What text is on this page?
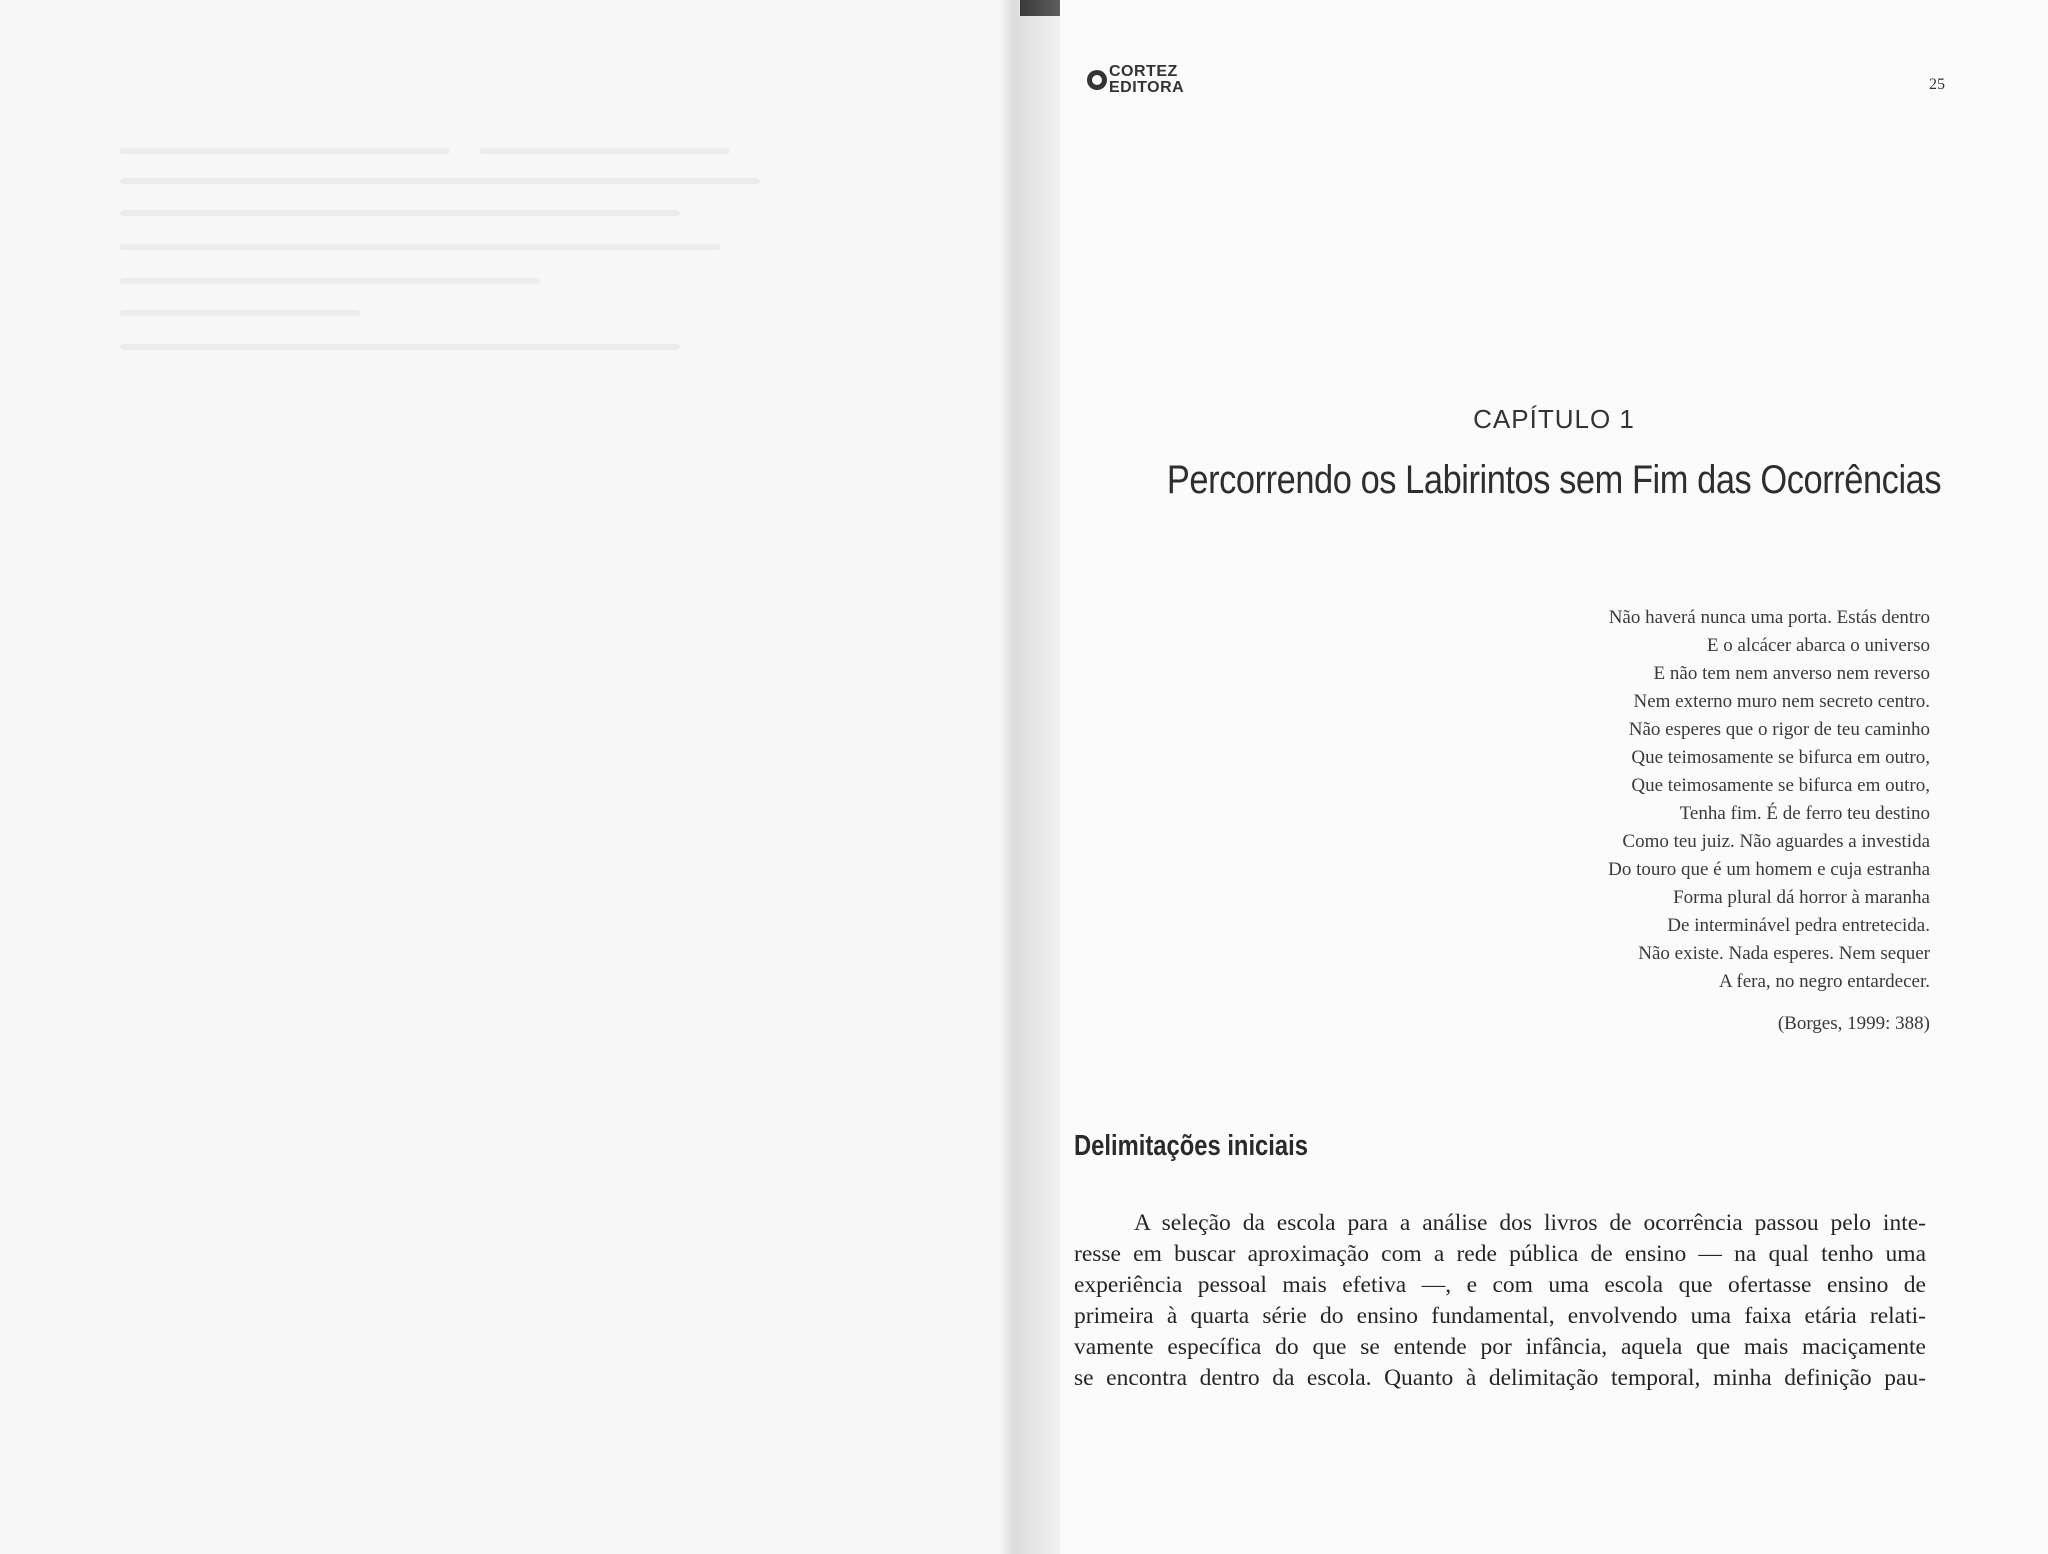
CORTEZ
EDITORA	25
CAPÍTULO 1
Percorrendo os Labirintos sem Fim das Ocorrências
Não haverá nunca uma porta. Estás dentro
E o alcácer abarca o universo
E não tem nem anverso nem reverso
Nem externo muro nem secreto centro.
Não esperes que o rigor de teu caminho
Que teimosamente se bifurca em outro,
Que teimosamente se bifurca em outro,
Tenha fim. É de ferro teu destino
Como teu juiz. Não aguardes a investida
Do touro que é um homem e cuja estranha
Forma plural dá horror à maranha
De interminável pedra entretecida.
Não existe. Nada esperes. Nem sequer
A fera, no negro entardecer.
(Borges, 1999: 388)
Delimitações iniciais
A seleção da escola para a análise dos livros de ocorrência passou pelo inte-
resse em buscar aproximação com a rede pública de ensino — na qual tenho uma
experiência pessoal mais efetiva —, e com uma escola que ofertasse ensino de
primeira à quarta série do ensino fundamental, envolvendo uma faixa etária relati-
vamente específica do que se entende por infância, aquela que mais maciçamente
se encontra dentro da escola. Quanto à delimitação temporal, minha definição pau-
